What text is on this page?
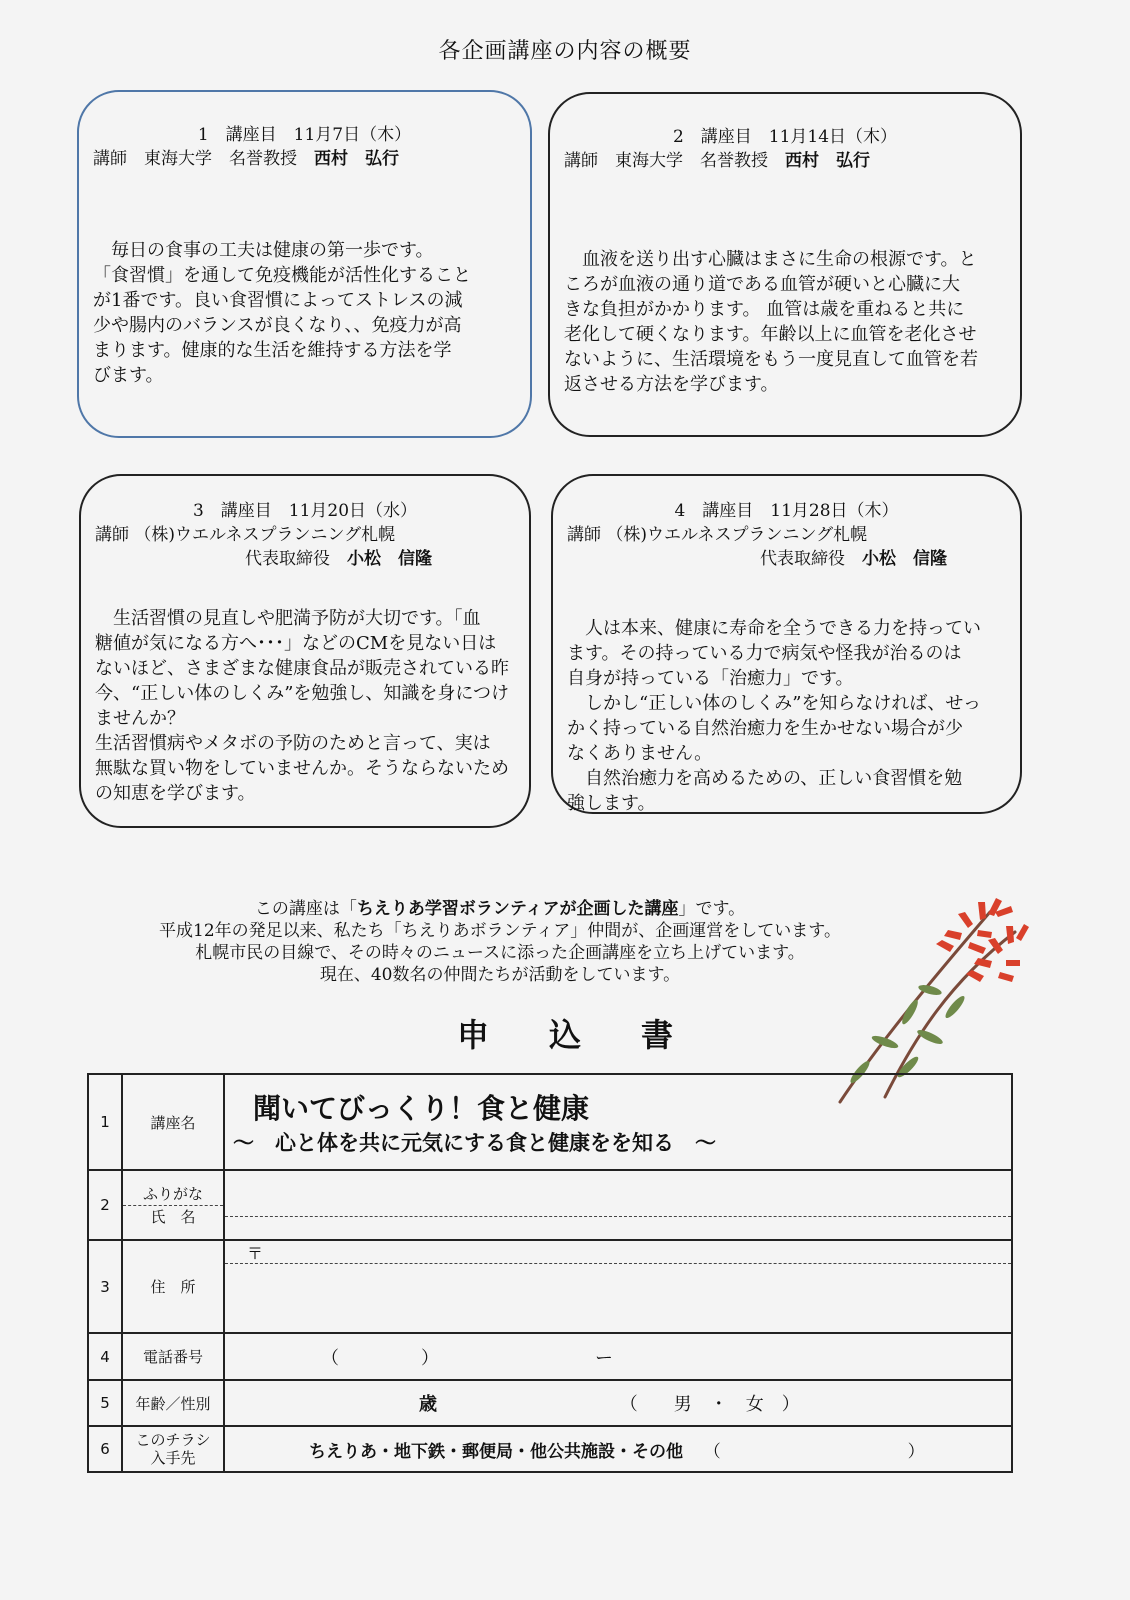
各企画講座の内容の概要
1　講座目　11月7日（木）
講師　東海大学　名誉教授　 西村　弘行
　毎日の食事の工夫は健康の第一歩です。
「食習慣」を通して免疫機能が活性化すること
が1番です。良い食習慣によってストレスの減
少や腸内のバランスが良くなり、、免疫力が高
まります。健康的な生活を維持する方法を学
びます。
2　講座目　11月14日（木）
講師　東海大学　名誉教授　 西村　弘行
　血液を送り出す心臓はまさに生命の根源です。と
ころが血液の通り道である血管が硬いと心臓に大
きな負担がかかります。 血管は歳を重ねると共に
老化して硬くなります。年齢以上に血管を老化させ
ないように、生活環境をもう一度見直して血管を若
返させる方法を学びます。
3　講座目　11月20日（水）
講師 （株)ウエルネスプランニング札幌
代表取締役　 小松　信隆
　生活習慣の見直しや肥満予防が大切です。「血
糖値が気になる方へ･･･」などのCMを見ない日は
ないほど、さまざまな健康食品が販売されている昨
今、“正しい体のしくみ”を勉強し、知識を身につけ
ませんか？
生活習慣病やメタボの予防のためと言って、実は
無駄な買い物をしていませんか。そうならないため
の知恵を学びます。
4　講座目　11月28日（木）
講師 （株)ウエルネスプランニング札幌
代表取締役　 小松　信隆
　人は本来、健康に寿命を全うできる力を持ってい
ます。その持っている力で病気や怪我が治るのは
自身が持っている「治癒力」です。
　しかし“正しい体のしくみ”を知らなければ、せっ
かく持っている自然治癒力を生かせない場合が少
なくありません。
　自然治癒力を高めるための、正しい食習慣を勉
強します。

この講座は「ちえりあ学習ボランティアが企画した講座」です。

平成12年の発足以来、私たち「ちえりあボランティア」仲間が、企画運営をしています。

札幌市民の目線で、その時々のニュースに添った企画講座を立ち上げています。

現在、40数名の仲間たちが活動をしています。

申込書
1	講座名	聞いてびっくり！食と健康
～　心と体を共に元気にする食と健康をを知る　～

2	ふりがな
氏　名	

3	住　所	〒

4	電話番号	（ ） ー

5	年齢／性別	歳 （　　男　・　女　）
6	このチラシ
入手先	ちえりあ・地下鉄・郵便局・他公共施設・その他 （ ）
